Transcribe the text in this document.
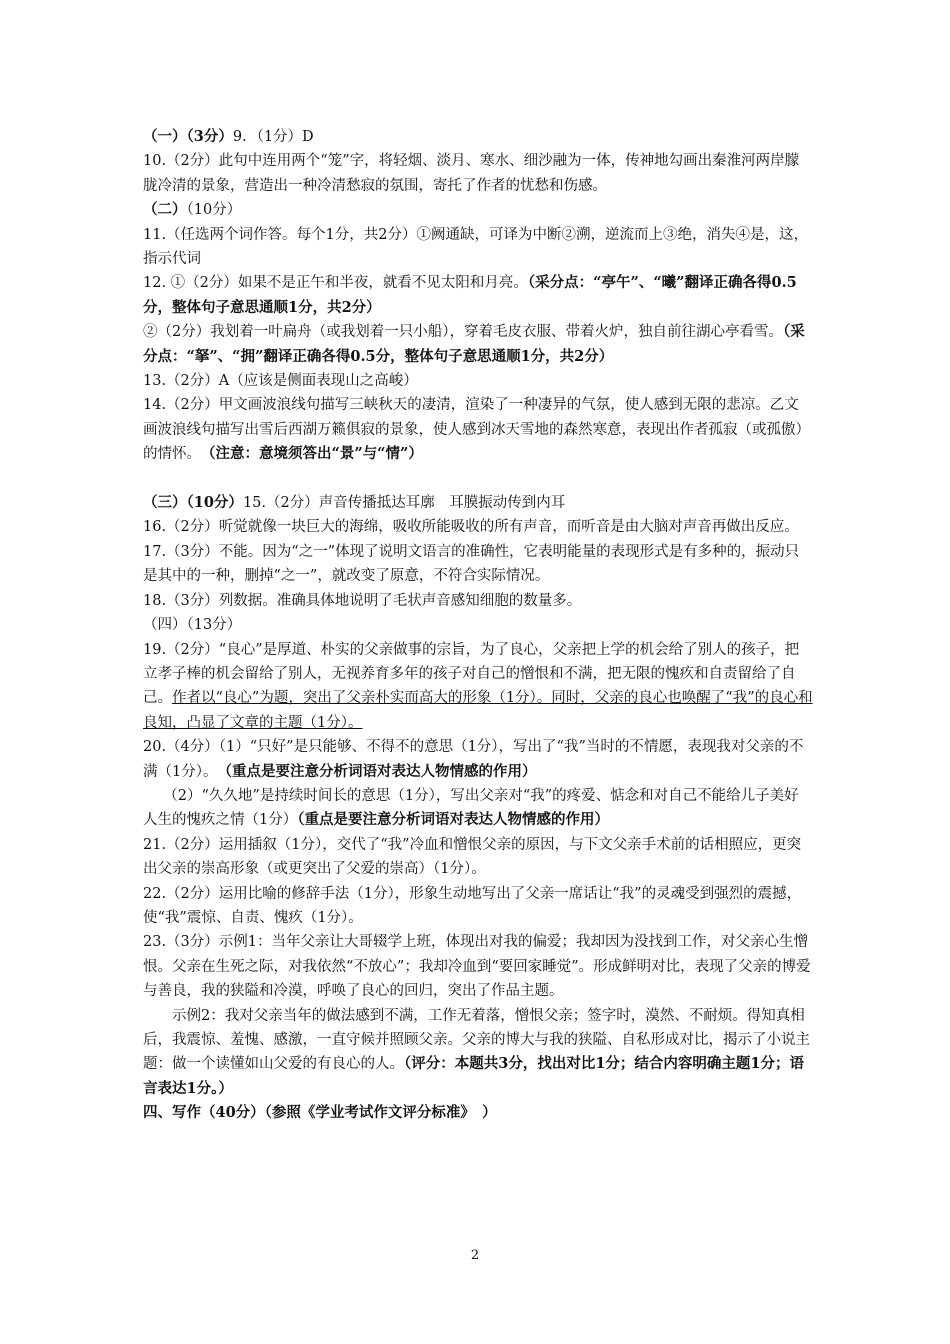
（一）（3分）9．（1分）D

10.（2分）此句中连用两个“笼”字，将轻烟、淡月、寒水、细沙融为一体，传神地勾画出秦淮河两岸朦胧冷清的景象，营造出一种冷清愁寂的氛围，寄托了作者的忧愁和伤感。

（二）（10分）

11.（任选两个词作答。每个1分，共2分）①阙通缺，可译为中断②溯，逆流而上③绝，消失④是，这，指示代词

12. ①（2分）如果不是正午和半夜，就看不见太阳和月亮。（采分点：“亭午”、“曦”翻译正确各得0.5分，整体句子意思通顺1分，共2分）

②（2分）我划着一叶扁舟（或我划着一只小船），穿着毛皮衣服、带着火炉，独自前往湖心亭看雪。（采分点：“拏”、“拥”翻译正确各得0.5分，整体句子意思通顺1分，共2分）

13.（2分）A（应该是侧面表现山之高峻）

14.（2分）甲文画波浪线句描写三峡秋天的凄清，渲染了一种凄异的气氛，使人感到无限的悲凉。乙文画波浪线句描写出雪后西湖万籁俱寂的景象，使人感到冰天雪地的森然寒意，表现出作者孤寂（或孤傲）的情怀。　 （注意：意境须答出“景”与“情”）

（三）（10分）15.（2分）声音传播抵达耳廓　耳膜振动传到内耳

16.（2分）听觉就像一块巨大的海绵，吸收所能吸收的所有声音，而听音是由大脑对声音再做出反应。

17.（3分）不能。因为“之一”体现了说明文语言的准确性，它表明能量的表现形式是有多种的，振动只是其中的一种，删掉“之一”，就改变了原意，不符合实际情况。

18.（3分）列数据。准确具体地说明了毛状声音感知细胞的数量多。

（四）（13分）

19.（2分）“良心”是厚道、朴实的父亲做事的宗旨，为了良心，父亲把上学的机会给了别人的孩子，把立孝子棒的机会留给了别人，无视养育多年的孩子对自己的憎恨和不满，把无限的愧疚和自责留给了自己。作者以“良心”为题，突出了父亲朴实而高大的形象（1分）。同时，父亲的良心也唤醒了“我”的良心和良知，凸显了文章的主题（1分）。

20.（4分）（1）“只好”是只能够、不得不的意思（1分），写出了“我”当时的不情愿，表现我对父亲的不满（1分）。　 （重点是要注意分析词语对表达人物情感的作用）

（2）“久久地”是持续时间长的意思（1分），写出父亲对“我”的疼爱、惦念和对自己不能给儿子美好人生的愧疚之情（1分）（重点是要注意分析词语对表达人物情感的作用）

21.（2分）运用插叙（1分），交代了“我”冷血和憎恨父亲的原因，与下文父亲手术前的话相照应，更突出父亲的崇高形象（或更突出了父爱的崇高）（1分）。

22.（2分）运用比喻的修辞手法（1分），形象生动地写出了父亲一席话让“我”的灵魂受到强烈的震撼，使“我”震惊、自责、愧疚（1分）。

23.（3分）示例1：当年父亲让大哥辍学上班，体现出对我的偏爱；我却因为没找到工作，对父亲心生憎恨。父亲在生死之际，对我依然“不放心”；我却冷血到“要回家睡觉”。形成鲜明对比，表现了父亲的博爱与善良，我的狭隘和冷漠，呼唤了良心的回归，突出了作品主题。

示例2：我对父亲当年的做法感到不满，工作无着落，憎恨父亲；签字时，漠然、不耐烦。得知真相后，我震惊、羞愧、感激，一直守候并照顾父亲。父亲的博大与我的狭隘、自私形成对比，揭示了小说主题：做一个读懂如山父爱的有良心的人。（评分：本题共3分，找出对比1分；结合内容明确主题1分；语言表达1分。）

四、写作（40分）（参照《学业考试作文评分标准》　）

2
